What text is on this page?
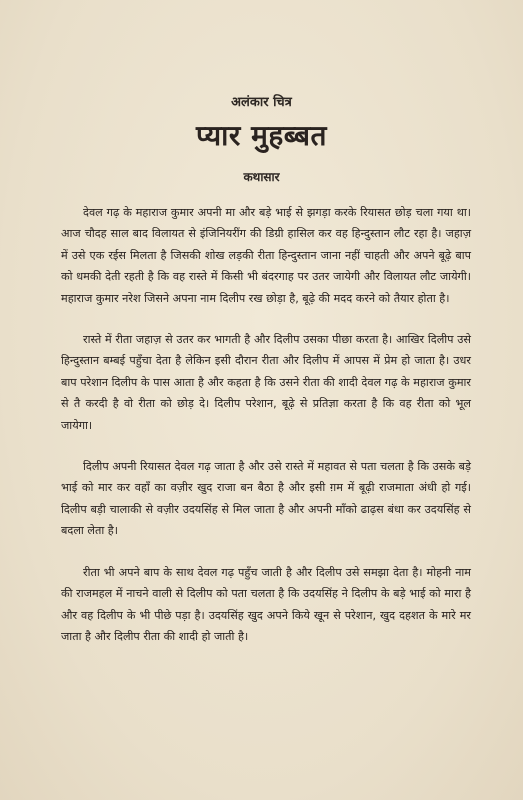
अलंकार चित्र
प्यार मुहब्बत
कथासार

देवल गढ़ के महाराज कुमार अपनी मा और बड़े भाई से झगड़ा करके रियासत छोड़ चला गया था। आज चौदह साल बाद विलायत से इंजिनियरींग की डिग्री हासिल कर वह हिन्दुस्तान लौट रहा है। जहाज़ में उसे एक रईस मिलता है जिसकी शोख लड़की रीता हिन्दुस्तान जाना नहीं चाहती और अपने बूढ़े बाप को धमकी देती रहती है कि वह रास्ते में किसी भी बंदरगाह पर उतर जायेगी और विलायत लौट जायेगी। महाराज कुमार नरेश जिसने अपना नाम दिलीप रख छोड़ा है, बूढ़े की मदद करने को तैयार होता है।

रास्ते में रीता जहाज़ से उतर कर भागती है और दिलीप उसका पीछा करता है। आखिर दिलीप उसे हिन्दुस्तान बम्बई पहुँचा देता है लेकिन इसी दौरान रीता और दिलीप में आपस में प्रेम हो जाता है। उधर बाप परेशान दिलीप के पास आता है और कहता है कि उसने रीता की शादी देवल गढ़ के महाराज कुमार से तै करदी है वो रीता को छोड़ दे। दिलीप परेशान, बूढ़े से प्रतिज्ञा करता है कि वह रीता को भूल जायेगा।

दिलीप अपनी रियासत देवल गढ़ जाता है और उसे रास्ते में महावत से पता चलता है कि उसके बड़े भाई को मार कर वहाँ का वज़ीर खुद राजा बन बैठा है और इसी ग़म में बूढ़ी राजमाता अंधी हो गई। दिलीप बड़ी चालाकी से वज़ीर उदयसिंह से मिल जाता है और अपनी माँको ढाढ़स बंधा कर उदयसिंह से बदला लेता है।

रीता भी अपने बाप के साथ देवल गढ़ पहुँच जाती है और दिलीप उसे समझा देता है। मोहनी नाम की राजमहल में नाचने वाली से दिलीप को पता चलता है कि उदयसिंह ने दिलीप के बड़े भाई को मारा है और वह दिलीप के भी पीछे पड़ा है। उदयसिंह खुद अपने किये खून से परेशान, खुद दहशत के मारे मर जाता है और दिलीप रीता की शादी हो जाती है।
